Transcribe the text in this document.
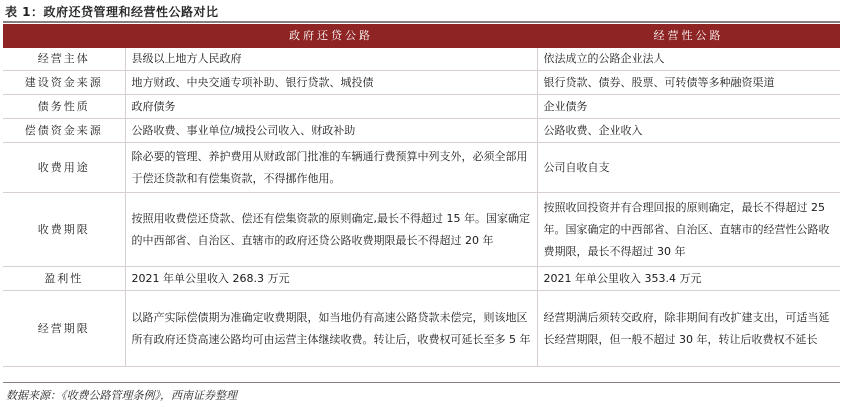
表 1：政府还贷管理和经营性公路对比
	政府还贷公路	经营性公路
经营主体	县级以上地方人民政府	依法成立的公路企业法人
建设资金来源	地方财政、中央交通专项补助、银行贷款、城投债	银行贷款、债券、股票、可转债等多种融资渠道
债务性质	政府债务	企业债务
偿债资金来源	公路收费、事业单位/城投公司收入、财政补助	公路收费、企业收入
收费用途	除必要的管理、养护费用从财政部门批准的车辆通行费预算中列支外，必须全部用于偿还贷款和有偿集资款，不得挪作他用。	公司自收自支
收费期限	按照用收费偿还贷款、偿还有偿集资款的原则确定,最长不得超过 15 年。国家确定的中西部省、自治区、直辖市的政府还贷公路收费期限最长不得超过 20 年	按照收回投资并有合理回报的原则确定，最长不得超过 25 年。国家确定的中西部省、自治区、直辖市的经营性公路收费期限，最长不得超过 30 年
盈利性	2021 年单公里收入 268.3 万元	2021 年单公里收入 353.4 万元
经营期限	以路产实际偿债期为准确定收费期限，如当地仍有高速公路贷款未偿完，则该地区所有政府还贷高速公路均可由运营主体继续收费。转让后，收费权可延长至多 5 年	经营期满后须转交政府，除非期间有改扩建支出，可适当延长经营期限，但一般不超过 30 年，转让后收费权不延长
数据来源：《收费公路管理条例》，西南证券整理
